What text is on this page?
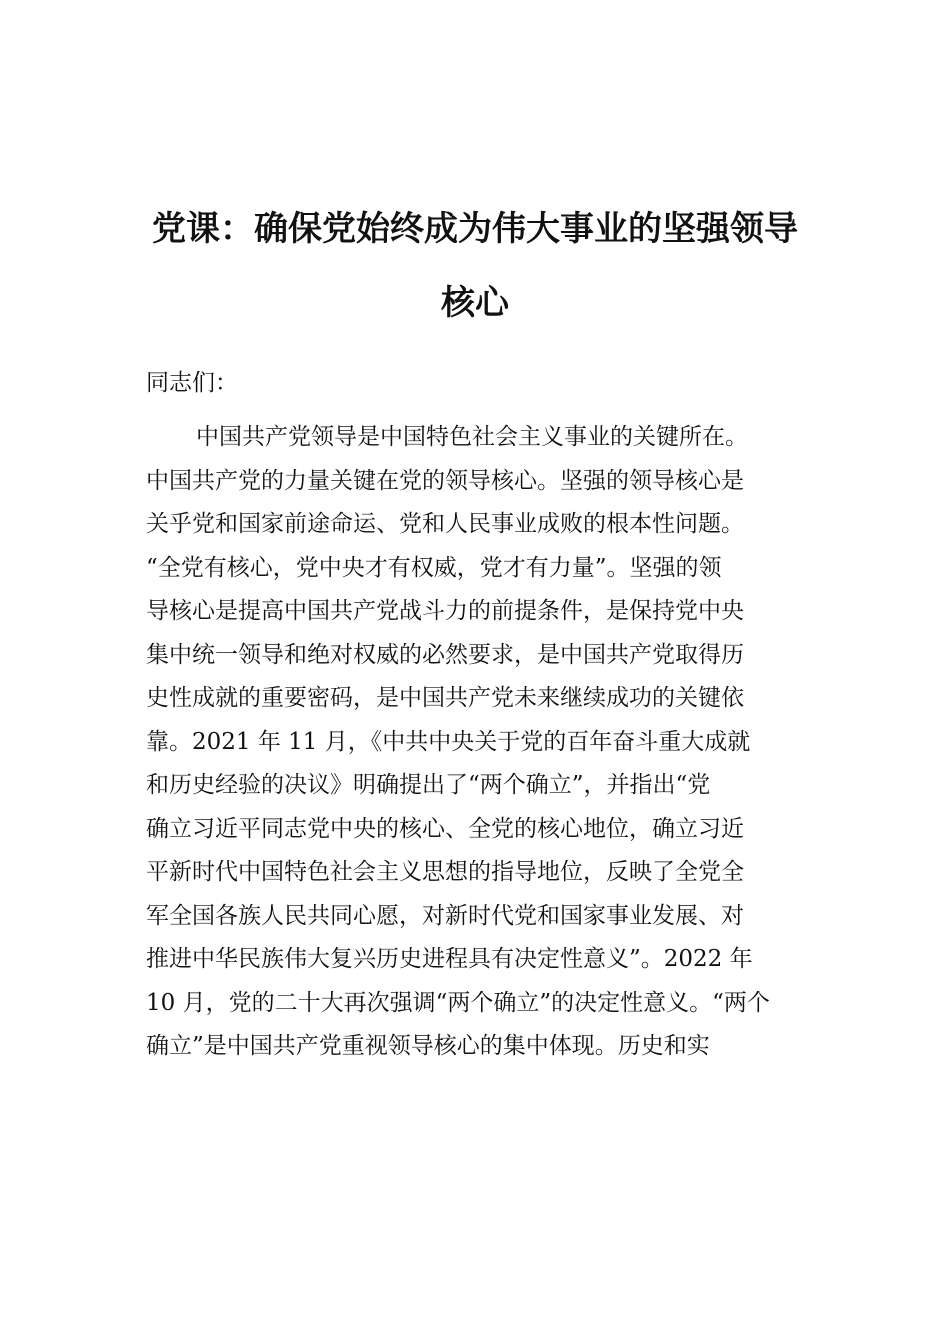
党课：确保党始终成为伟大事业的坚强领导
核心
同志们：
中国共产党领导是中国特色社会主义事业的关键所在。
中国共产党的力量关键在党的领导核心。坚强的领导核心是
关乎党和国家前途命运、党和人民事业成败的根本性问题。
“全党有核心，党中央才有权威，党才有力量”。坚强的领
导核心是提高中国共产党战斗力的前提条件，是保持党中央
集中统一领导和绝对权威的必然要求，是中国共产党取得历
史性成就的重要密码，是中国共产党未来继续成功的关键依
靠。2021 年 11 月，《中共中央关于党的百年奋斗重大成就
和历史经验的决议》明确提出了“两个确立”，并指出“党
确立习近平同志党中央的核心、全党的核心地位，确立习近
平新时代中国特色社会主义思想的指导地位，反映了全党全
军全国各族人民共同心愿，对新时代党和国家事业发展、对
推进中华民族伟大复兴历史进程具有决定性意义”。2022 年
10 月，党的二十大再次强调“两个确立”的决定性意义。“两个
确立”是中国共产党重视领导核心的集中体现。历史和实
